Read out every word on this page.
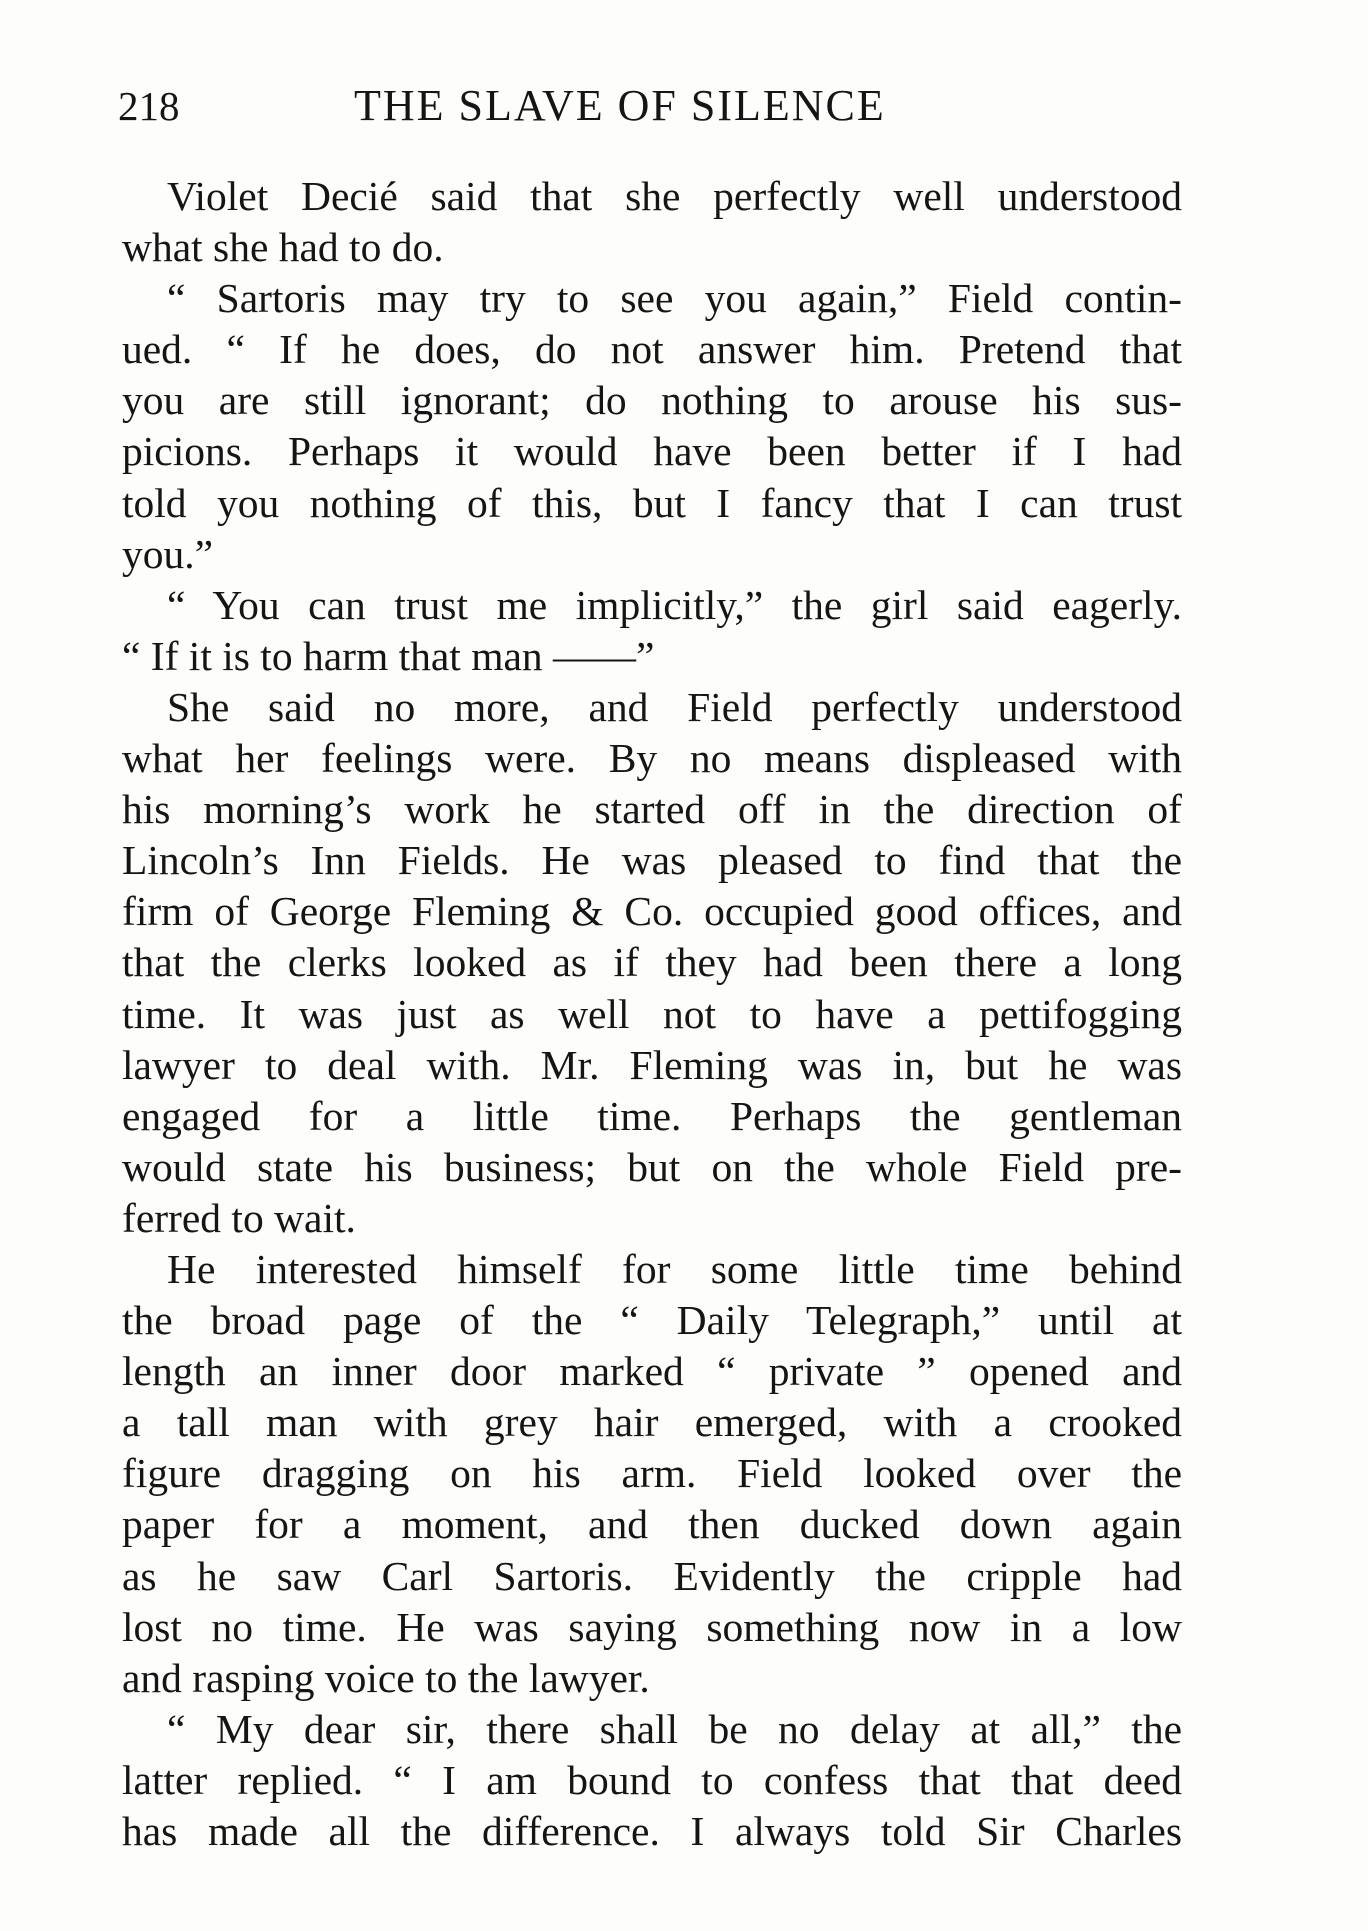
218	THE SLAVE OF SILENCE
Violet Decié said that she perfectly well understood
what she had to do.
“ Sartoris may try to see you again,” Field contin-
ued. “ If he does, do not answer him. Pretend that
you are still ignorant; do nothing to arouse his sus-
picions. Perhaps it would have been better if I had
told you nothing of this, but I fancy that I can trust
you.”
“ You can trust me implicitly,” the girl said eagerly.
“ If it is to harm that man ——”
She said no more, and Field perfectly understood
what her feelings were. By no means displeased with
his morning’s work he started off in the direction of
Lincoln’s Inn Fields. He was pleased to find that the
firm of George Fleming & Co. occupied good offices, and
that the clerks looked as if they had been there a long
time. It was just as well not to have a pettifogging
lawyer to deal with. Mr. Fleming was in, but he was
engaged for a little time. Perhaps the gentleman
would state his business; but on the whole Field pre-
ferred to wait.
He interested himself for some little time behind
the broad page of the “ Daily Telegraph,” until at
length an inner door marked “ private ” opened and
a tall man with grey hair emerged, with a crooked
figure dragging on his arm. Field looked over the
paper for a moment, and then ducked down again
as he saw Carl Sartoris. Evidently the cripple had
lost no time. He was saying something now in a low
and rasping voice to the lawyer.
“ My dear sir, there shall be no delay at all,” the
latter replied. “ I am bound to confess that that deed
has made all the difference. I always told Sir Charles
